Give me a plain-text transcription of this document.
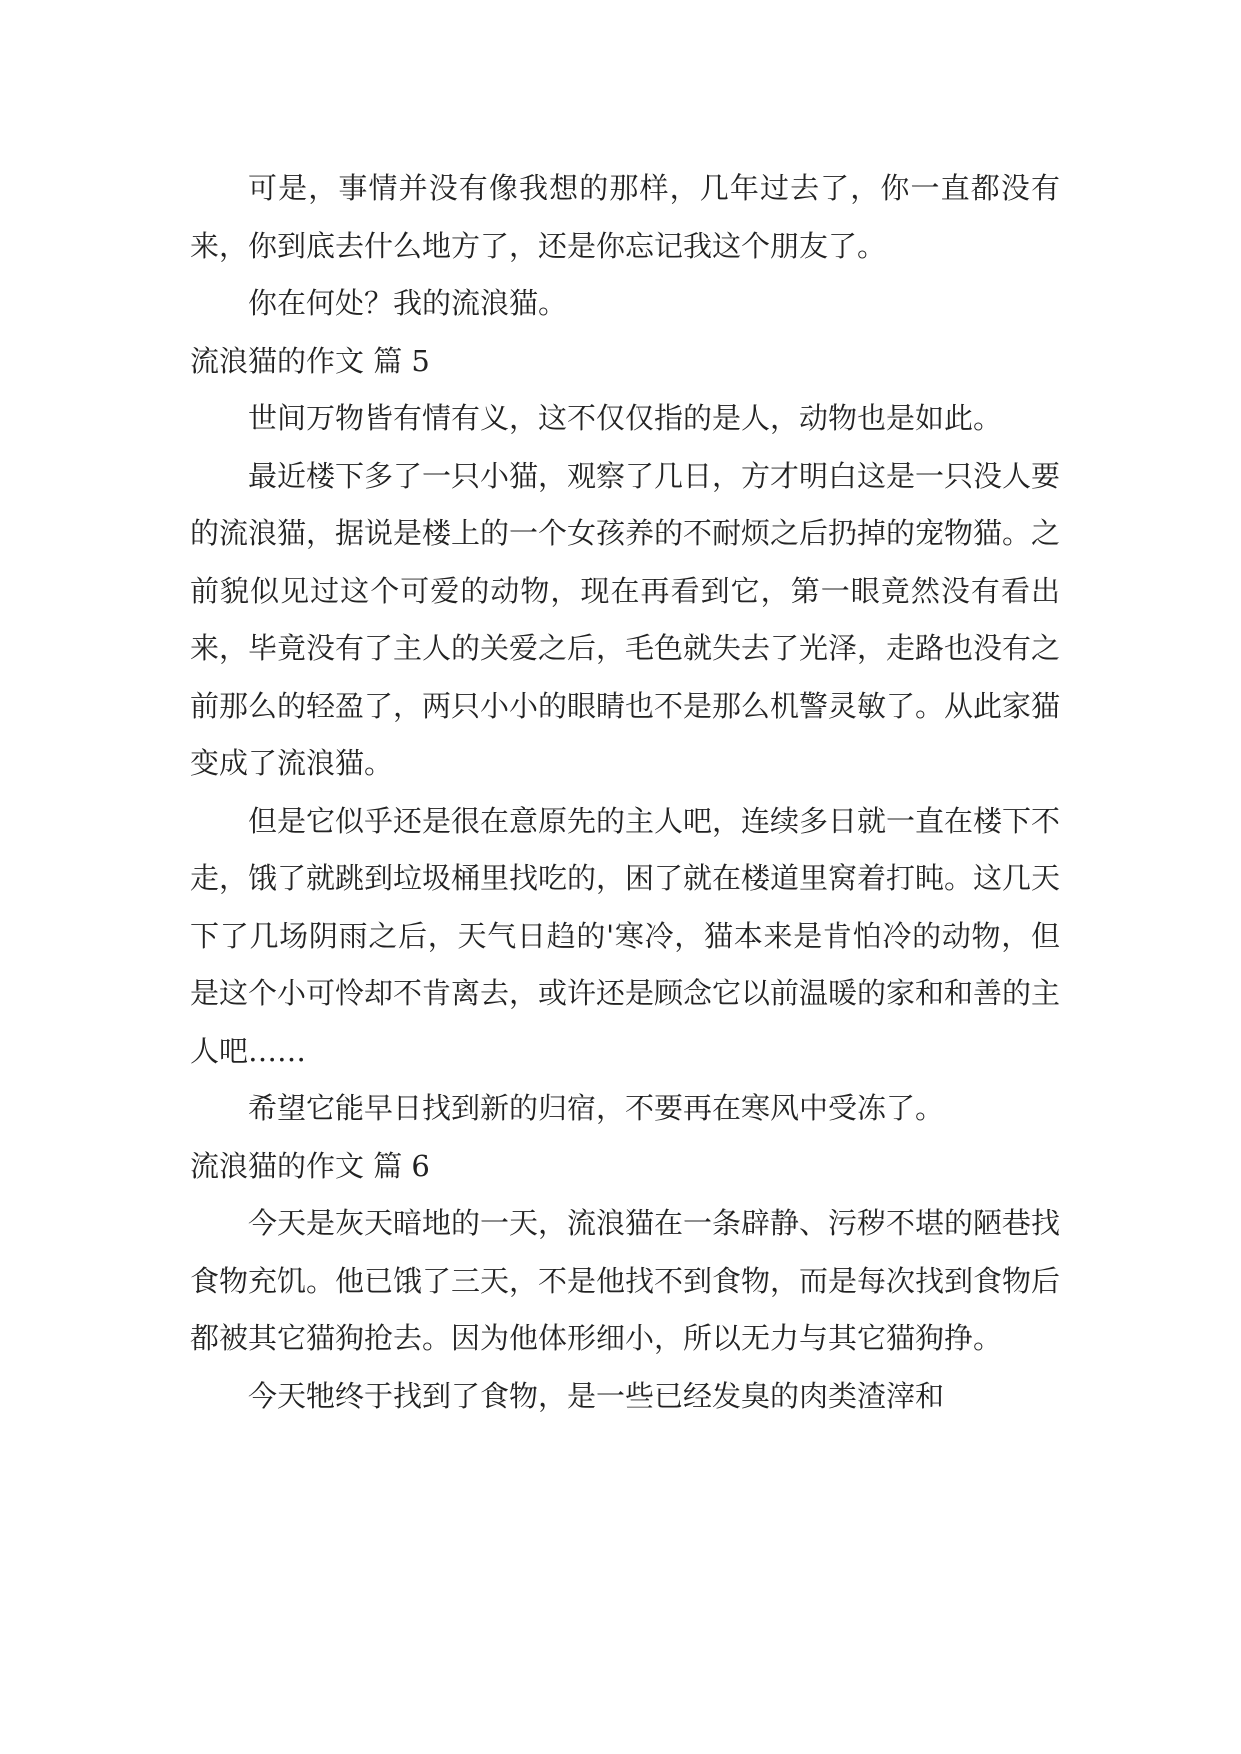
可是，事情并没有像我想的那样，几年过去了，你一直都没有来，你到底去什么地方了，还是你忘记我这个朋友了。

你在何处？我的流浪猫。

流浪猫的作文 篇 5

世间万物皆有情有义，这不仅仅指的是人，动物也是如此。

最近楼下多了一只小猫，观察了几日，方才明白这是一只没人要的流浪猫，据说是楼上的一个女孩养的不耐烦之后扔掉的宠物猫。之前貌似见过这个可爱的动物，现在再看到它，第一眼竟然没有看出来，毕竟没有了主人的关爱之后，毛色就失去了光泽，走路也没有之前那么的轻盈了，两只小小的眼睛也不是那么机警灵敏了。从此家猫变成了流浪猫。

但是它似乎还是很在意原先的主人吧，连续多日就一直在楼下不走，饿了就跳到垃圾桶里找吃的，困了就在楼道里窝着打盹。这几天下了几场阴雨之后，天气日趋的'寒冷，猫本来是肯怕冷的动物，但是这个小可怜却不肯离去，或许还是顾念它以前温暖的家和和善的主人吧……

希望它能早日找到新的归宿，不要再在寒风中受冻了。

流浪猫的作文 篇 6

今天是灰天暗地的一天，流浪猫在一条辟静、污秽不堪的陋巷找食物充饥。他已饿了三天，不是他找不到食物，而是每次找到食物后都被其它猫狗抢去。因为他体形细小，所以无力与其它猫狗挣。

今天牠终于找到了食物，是一些已经发臭的肉类渣滓和
